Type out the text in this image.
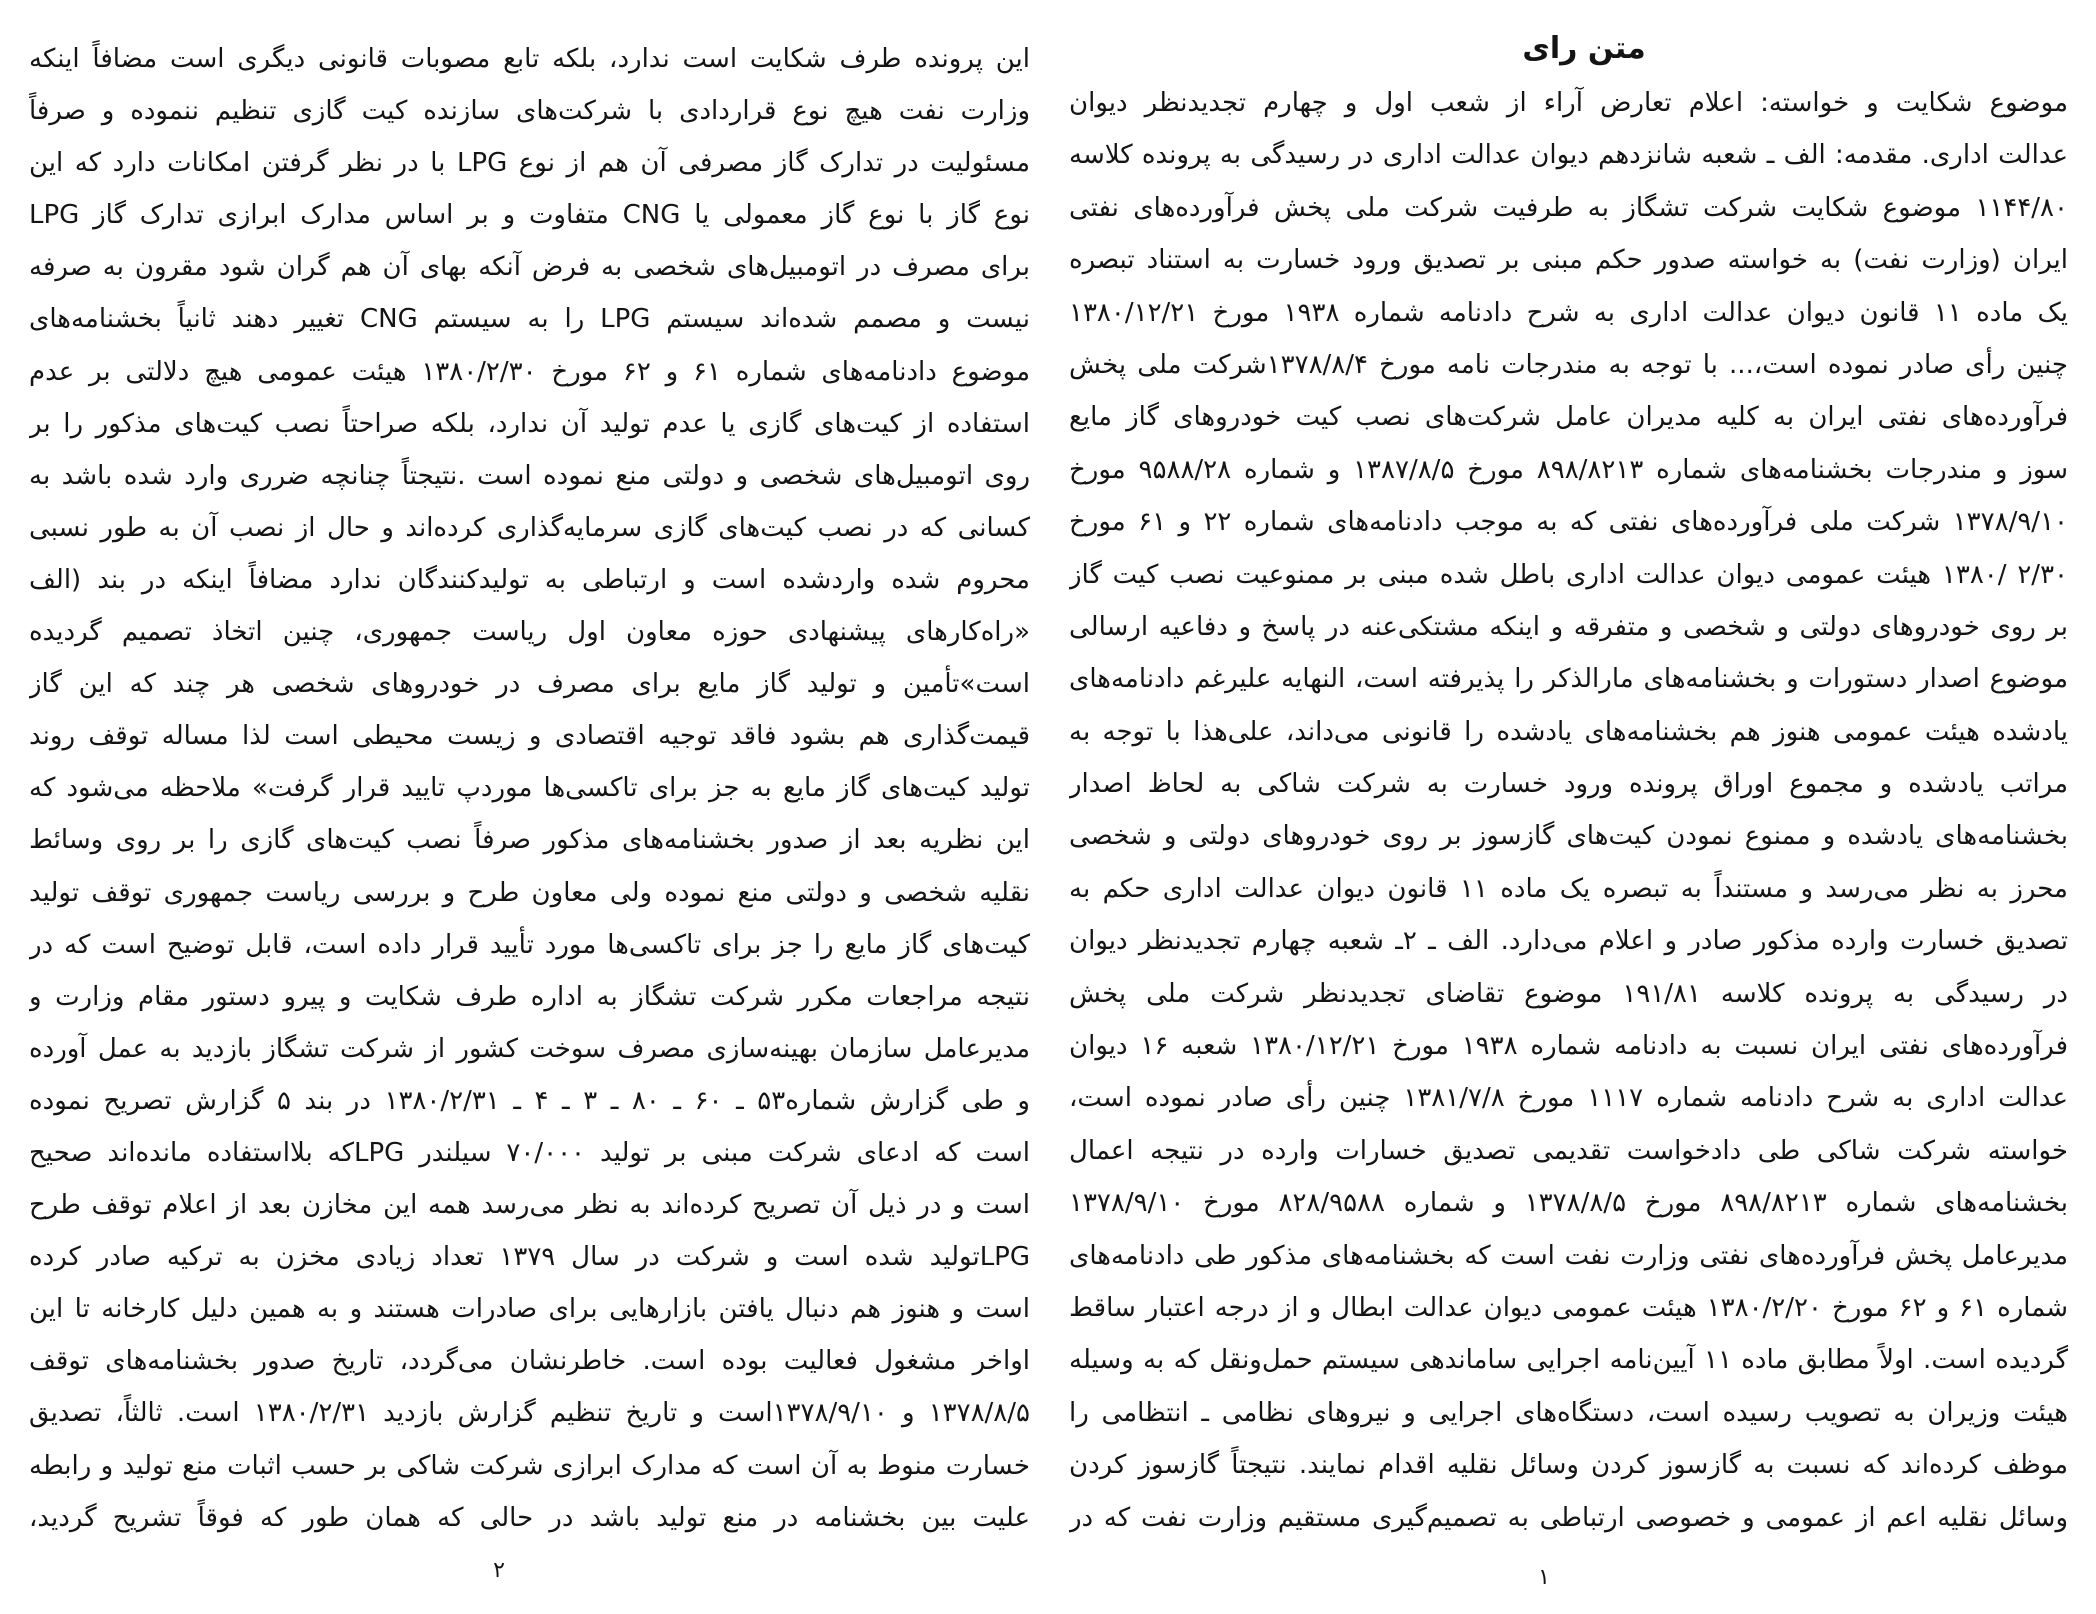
متن رای
موضوع شکایت و خواسته: اعلام تعارض آراء از شعب اول و چهارم تجدیدنظر دیوان
عدالت اداری. مقدمه: الف ـ شعبه شانزدهم دیوان عدالت اداری در رسیدگی به پرونده کلاسه
۱۱۴۴/۸۰ موضوع شکایت شرکت تشگاز به طرفیت شرکت ملی پخش فرآورده‌های نفتی
ایران (وزارت نفت) به خواسته صدور حکم مبنی بر تصدیق ورود خسارت به استناد تبصره
یک ماده ۱۱ قانون دیوان عدالت اداری به شرح دادنامه شماره ۱۹۳۸ مورخ ۱۳۸۰/۱۲/۲۱
چنین رأی صادر نموده است،... با توجه به مندرجات نامه مورخ ۱۳۷۸/۸/۴شرکت ملی پخش
فرآورده‌های نفتی ایران به کلیه مدیران عامل شرکت‌های نصب کیت خودروهای گاز مایع
سوز و مندرجات بخشنامه‌های شماره ۸۹۸/۸۲۱۳ مورخ ۱۳۸۷/۸/۵ و شماره ۹۵۸۸/۲۸ مورخ
۱۳۷۸/۹/۱۰ شرکت ملی فرآورده‌های نفتی که به موجب دادنامه‌های شماره ۲۲ و ۶۱ مورخ
۲/۳۰ /۱۳۸۰ هیئت عمومی دیوان عدالت اداری باطل شده مبنی بر ممنوعیت نصب کیت گاز
بر روی خودروهای دولتی و شخصی و متفرقه و اینکه مشتکی‌عنه در پاسخ و دفاعیه ارسالی
موضوع اصدار دستورات و بخشنامه‌های مارالذکر را پذیرفته است، النهایه علیرغم دادنامه‌های
یادشده هیئت عمومی هنوز هم بخشنامه‌های یادشده را قانونی می‌داند، علی‌هذا با توجه به
مراتب یادشده و مجموع اوراق پرونده ورود خسارت به شرکت شاکی به لحاظ اصدار
بخشنامه‌های یادشده و ممنوع نمودن کیت‌های گازسوز بر روی خودروهای دولتی و شخصی
محرز به نظر می‌رسد و مستنداً به تبصره یک ماده ۱۱ قانون دیوان عدالت اداری حکم به
تصدیق خسارت وارده مذکور صادر و اعلام می‌دارد. الف ـ ۲ـ شعبه چهارم تجدیدنظر دیوان
در رسیدگی به پرونده کلاسه ۱۹۱/۸۱ موضوع تقاضای تجدیدنظر شرکت ملی پخش
فرآورده‌های نفتی ایران نسبت به دادنامه شماره ۱۹۳۸ مورخ ۱۳۸۰/۱۲/۲۱ شعبه ۱۶ دیوان
عدالت اداری به شرح دادنامه شماره ۱۱۱۷ مورخ ۱۳۸۱/۷/۸ چنین رأی صادر نموده است،
خواسته شرکت شاکی طی دادخواست تقدیمی تصدیق خسارات وارده در نتیجه اعمال
بخشنامه‌های شماره ۸۹۸/۸۲۱۳ مورخ ۱۳۷۸/۸/۵ و شماره ۸۲۸/۹۵۸۸ مورخ ۱۳۷۸/۹/۱۰
مدیرعامل پخش فرآورده‌های نفتی وزارت نفت است که بخشنامه‌های مذکور طی دادنامه‌های
شماره ۶۱ و ۶۲ مورخ ۱۳۸۰/۲/۲۰ هیئت عمومی دیوان عدالت ابطال و از درجه اعتبار ساقط
گردیده است. اولاً مطابق ماده ۱۱ آیین‌نامه اجرایی ساماندهی سیستم حمل‌ونقل که به وسیله
هیئت وزیران به تصویب رسیده است، دستگاه‌های اجرایی و نیروهای نظامی ـ انتظامی را
موظف کرده‌اند که نسبت به گازسوز کردن وسائل نقلیه اقدام نمایند. نتیجتاً گازسوز کردن
وسائل نقلیه اعم از عمومی و خصوصی ارتباطی به تصمیم‌گیری مستقیم وزارت نفت که در
۱
این پرونده طرف شکایت است ندارد، بلکه تابع مصوبات قانونی دیگری است مضافاً اینکه
وزارت نفت هیچ نوع قراردادی با شرکت‌های سازنده کیت گازی تنظیم ننموده و صرفاً
مسئولیت در تدارک گاز مصرفی آن هم از نوع LPG با در نظر گرفتن امکانات دارد که این
نوع گاز با نوع گاز معمولی یا CNG متفاوت و بر اساس مدارک ابرازی تدارک گاز LPG
برای مصرف در اتومبیل‌های شخصی به فرض آنکه بهای آن هم گران شود مقرون به صرفه
نیست و مصمم شده‌اند سیستم LPG را به سیستم CNG تغییر دهند ثانیاً بخشنامه‌های
موضوع دادنامه‌های شماره ۶۱ و ۶۲ مورخ ۱۳۸۰/۲/۳۰ هیئت عمومی هیچ دلالتی بر عدم
استفاده از کیت‌های گازی یا عدم تولید آن ندارد، بلکه صراحتاً نصب کیت‌های مذکور را بر
روی اتومبیل‌های شخصی و دولتی منع نموده است .نتیجتاً چنانچه ضرری وارد شده باشد به
کسانی که در نصب کیت‌های گازی سرمایه‌گذاری کرده‌اند و حال از نصب آن به طور نسبی
محروم شده واردشده است و ارتباطی به تولیدکنندگان ندارد مضافاً اینکه در بند (الف
«راه‌کارهای پیشنهادی حوزه معاون اول ریاست جمهوری، چنین اتخاذ تصمیم گردیده
است»تأمین و تولید گاز مایع برای مصرف در خودروهای شخصی هر چند که این گاز
قیمت‌گذاری هم بشود فاقد توجیه اقتصادی و زیست محیطی است لذا مساله توقف روند
تولید کیت‌های گاز مایع به جز برای تاکسی‌ها موردپ تایید قرار گرفت» ملاحظه می‌شود که
این نظریه بعد از صدور بخشنامه‌های مذکور صرفاً نصب کیت‌های گازی را بر روی وسائط
نقلیه شخصی و دولتی منع نموده ولی معاون طرح و بررسی ریاست جمهوری توقف تولید
کیت‌های گاز مایع را جز برای تاکسی‌ها مورد تأیید قرار داده است، قابل توضیح است که در
نتیجه مراجعات مکرر شرکت تشگاز به اداره طرف شکایت و پیرو دستور مقام وزارت و
مدیرعامل سازمان بهینه‌سازی مصرف سوخت کشور از شرکت تشگاز بازدید به عمل آورده
و طی گزارش شماره۵۳ ـ ۶۰ ـ ۸۰ ـ ۳ ـ ۴ ـ ۱۳۸۰/۲/۳۱ در بند ۵ گزارش تصریح نموده
است که ادعای شرکت مبنی بر تولید ۷۰/۰۰۰ سیلندر LPGکه بلااستفاده مانده‌اند صحیح
است و در ذیل آن تصریح کرده‌اند به نظر می‌رسد همه این مخازن بعد از اعلام توقف طرح
LPGتولید شده است و شرکت در سال ۱۳۷۹ تعداد زیادی مخزن به ترکیه صادر کرده
است و هنوز هم دنبال یافتن بازارهایی برای صادرات هستند و به همین دلیل کارخانه تا این
اواخر مشغول فعالیت بوده است. خاطرنشان می‌گردد، تاریخ صدور بخشنامه‌های توقف
۱۳۷۸/۸/۵ و ۱۳۷۸/۹/۱۰است و تاریخ تنظیم گزارش بازدید ۱۳۸۰/۲/۳۱ است. ثالثاً، تصدیق
خسارت منوط به آن است که مدارک ابرازی شرکت شاکی بر حسب اثبات منع تولید و رابطه
علیت بین بخشنامه در منع تولید باشد در حالی که همان طور که فوقاً تشریح گردید،
۲
